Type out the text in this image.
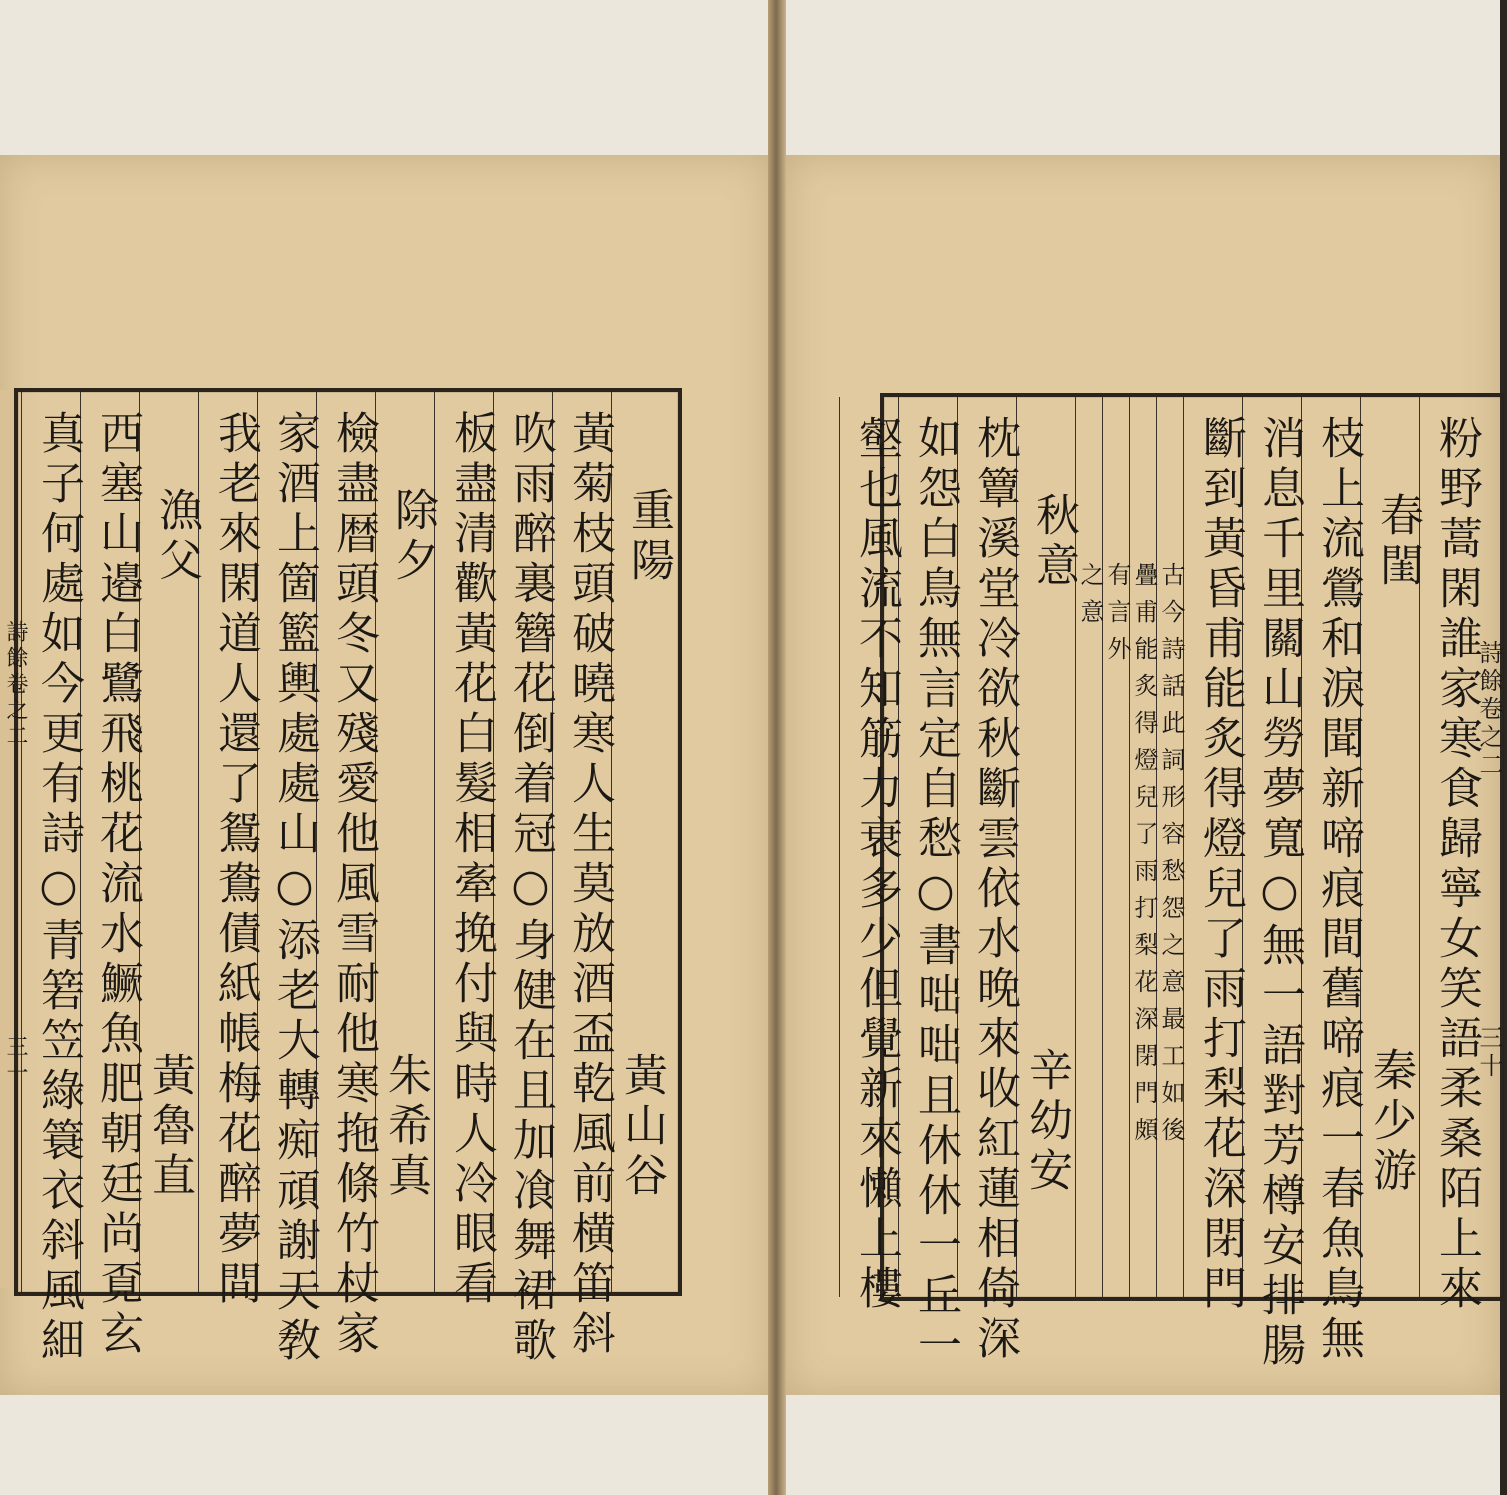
重陽
黃山谷
黃菊枝頭破曉寒人生莫放酒盃乾風前横笛斜
吹雨醉裏簪花倒着冠○身健在且加飡舞裙歌
板盡清歡黃花白髮相牽挽付與時人冷眼看
除夕
朱希真
檢盡暦頭冬又殘愛他風雪耐他寒拖條竹杖家
家酒上箇籃輿處處山○添老大轉痴頑謝天敎
我老來閑道人還了鴛鴦債紙帳梅花醉夢間
漁父
黃魯直
西塞山邉白鷺飛桃花流水鱖魚肥朝廷尚覔玄
真子何處如今更有詩○青箬笠綠簑衣斜風細	粉野蒿閑誰家寒食歸寧女笑語柔桑陌上來
春閨
秦少游
枝上流鶯和淚聞新啼痕間舊啼痕一春魚鳥無
消息千里關山勞夢寬○無一語對芳樽安排腸
斷到黃昏甫能炙得燈兒了雨打梨花深閉門
古今詩話此詞形容愁怨之意最工如後
疊甫能炙得燈兒了雨打梨花深閉門頗
有言外
之意
秋意
辛幼安
枕簟溪堂冷欲秋斷雲依水晚來收紅蓮相倚深
如怨白鳥無言定自愁○書咄咄且休休一丘一
壑也風流不知筋力衰多少但覺新來懶上樓
詩餘卷之二
三一
詩餘卷之二
三十
